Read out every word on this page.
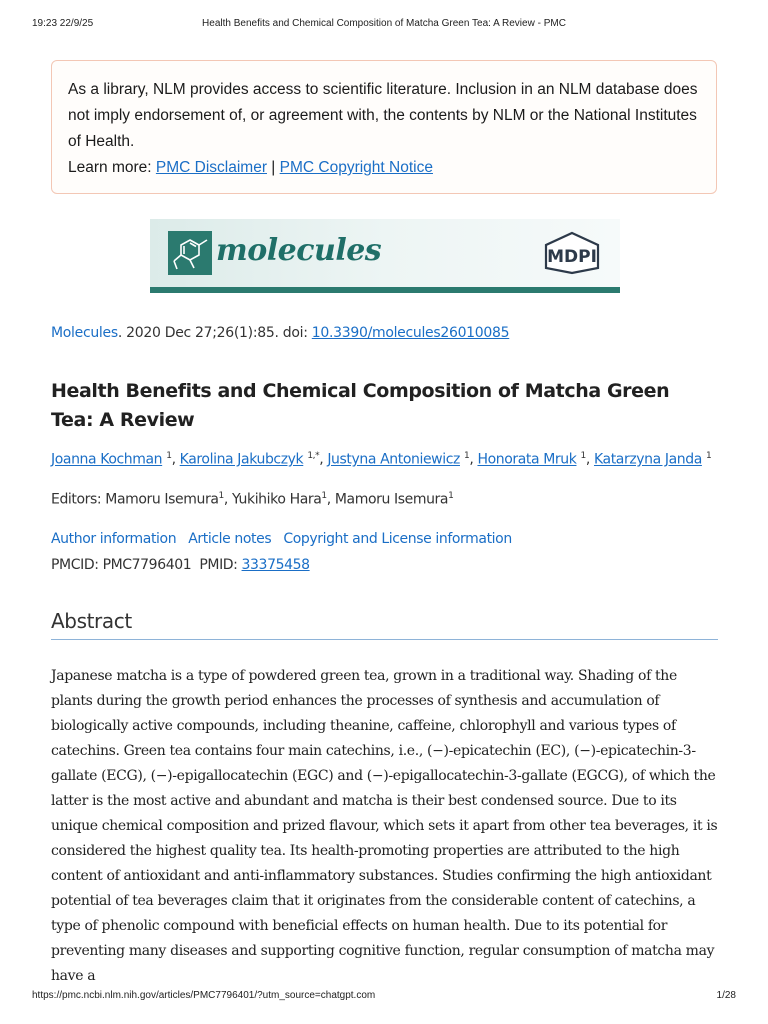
19:23 22/9/25	Health Benefits and Chemical Composition of Matcha Green Tea: A Review - PMC
As a library, NLM provides access to scientific literature. Inclusion in an NLM database does not imply endorsement of, or agreement with, the contents by NLM or the National Institutes of Health.
Learn more: PMC Disclaimer | PMC Copyright Notice
molecules	MDPI
Molecules. 2020 Dec 27;26(1):85. doi: 10.3390/molecules26010085
Health Benefits and Chemical Composition of Matcha Green Tea: A Review
Joanna Kochman $^1$, Karolina Jakubczyk $^{1,*}$, Justyna Antoniewicz $^1$, Honorata Mruk $^1$, Katarzyna Janda $^1$
Editors: Mamoru Isemura$^1$, Yukihiko Hara$^1$, Mamoru Isemura$^1$
Author information Article notes Copyright and License information
PMCID: PMC7796401 PMID: 33375458
Abstract

Japanese matcha is a type of powdered green tea, grown in a traditional way. Shading of the plants during the growth period enhances the processes of synthesis and accumulation of biologically active compounds, including theanine, caffeine, chlorophyll and various types of catechins. Green tea contains four main catechins, i.e., (−)-epicatechin (EC), (−)-epicatechin-3-gallate (ECG), (−)-epigallocatechin (EGC) and (−)-epigallocatechin-3-gallate (EGCG), of which the latter is the most active and abundant and matcha is their best condensed source. Due to its unique chemical composition and prized flavour, which sets it apart from other tea beverages, it is considered the highest quality tea. Its health-promoting properties are attributed to the high content of antioxidant and anti-inflammatory substances. Studies confirming the high antioxidant potential of tea beverages claim that it originates from the considerable content of catechins, a type of phenolic compound with beneficial effects on human health. Due to its potential for preventing many diseases and supporting cognitive function, regular consumption of matcha may have a

https://pmc.ncbi.nlm.nih.gov/articles/PMC7796401/?utm_source=chatgpt.com	1/28
